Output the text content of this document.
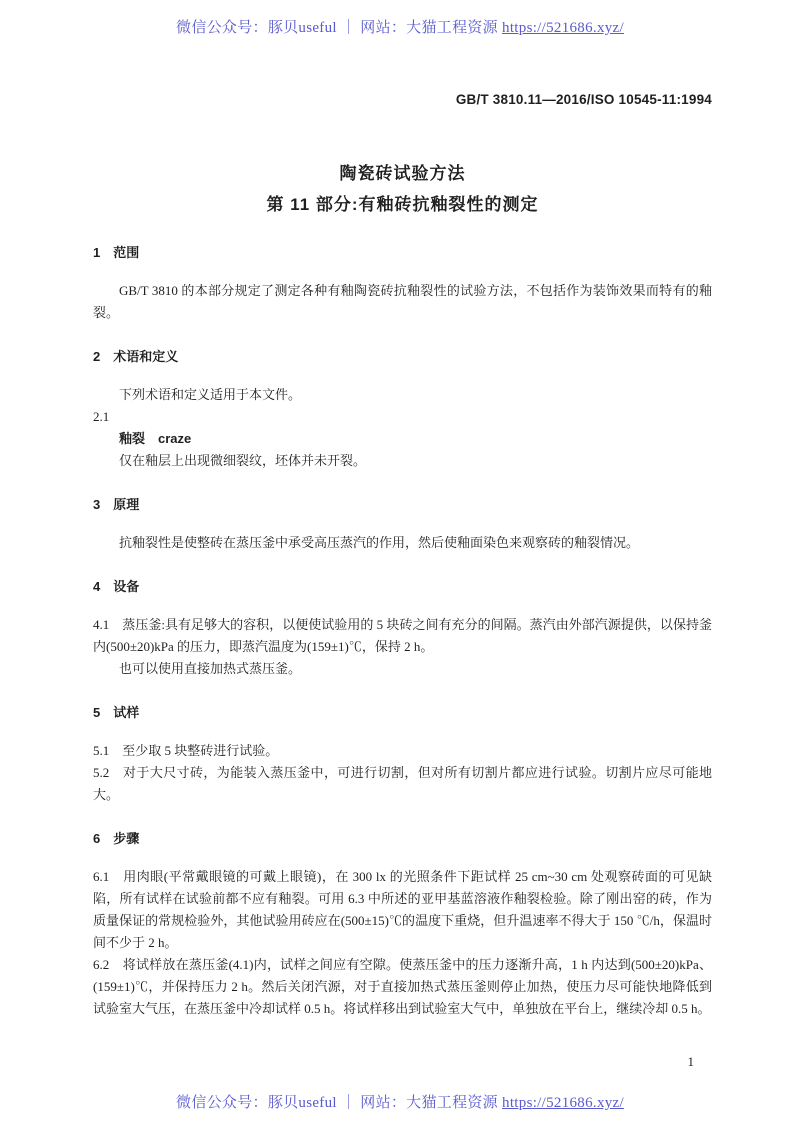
微信公众号：豚贝useful ｜ 网站：大猫工程资源 https://521686.xyz/
GB/T 3810.11—2016/ISO 10545-11:1994
陶瓷砖试验方法
第 11 部分:有釉砖抗釉裂性的测定

1　范围

GB/T 3810 的本部分规定了测定各种有釉陶瓷砖抗釉裂性的试验方法，不包括作为装饰效果而特有的釉裂。

2　术语和定义

下列术语和定义适用于本文件。

2.1

釉裂　craze

仅在釉层上出现微细裂纹，坯体并未开裂。

3　原理

抗釉裂性是使整砖在蒸压釜中承受高压蒸汽的作用，然后使釉面染色来观察砖的釉裂情况。

4　设备

4.1　蒸压釜:具有足够大的容积，以便使试验用的 5 块砖之间有充分的间隔。蒸汽由外部汽源提供，以保持釜内(500±20)kPa 的压力，即蒸汽温度为(159±1)℃，保持 2 h。

也可以使用直接加热式蒸压釜。

5　试样

5.1　至少取 5 块整砖进行试验。

5.2　对于大尺寸砖，为能装入蒸压釜中，可进行切割，但对所有切割片都应进行试验。切割片应尽可能地大。

6　步骤

6.1　用肉眼(平常戴眼镜的可戴上眼镜)，在 300 lx 的光照条件下距试样 25 cm~30 cm 处观察砖面的可见缺陷，所有试样在试验前都不应有釉裂。可用 6.3 中所述的亚甲基蓝溶液作釉裂检验。除了刚出窑的砖，作为质量保证的常规检验外，其他试验用砖应在(500±15)℃的温度下重烧，但升温速率不得大于 150 ℃/h，保温时间不少于 2 h。

6.2　将试样放在蒸压釜(4.1)内，试样之间应有空隙。使蒸压釜中的压力逐渐升高，1 h 内达到(500±20)kPa、(159±1)℃，并保持压力 2 h。然后关闭汽源，对于直接加热式蒸压釜则停止加热，使压力尽可能快地降低到试验室大气压，在蒸压釜中冷却试样 0.5 h。将试样移出到试验室大气中，单独放在平台上，继续冷却 0.5 h。

1
微信公众号：豚贝useful ｜ 网站：大猫工程资源 https://521686.xyz/
